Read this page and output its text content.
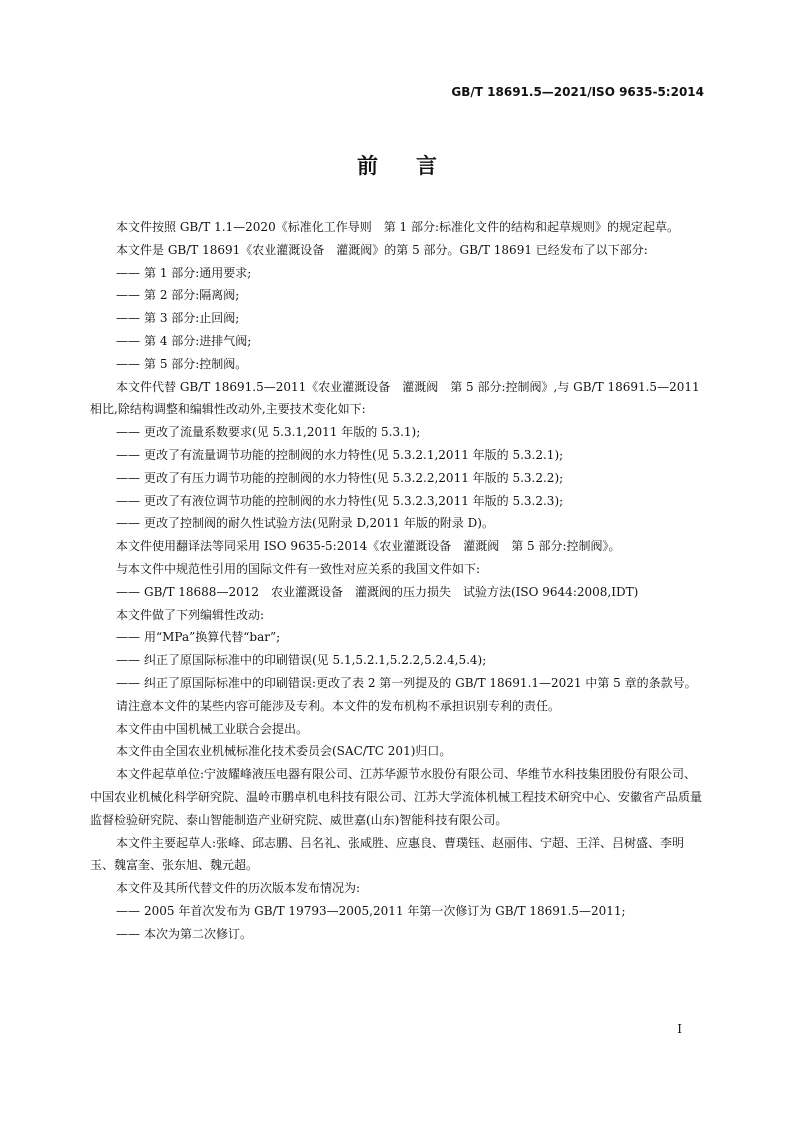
GB/T 18691.5—2021/ISO 9635-5:2014
前言

本文件按照 GB/T 1.1—2020《标准化工作导则　第 1 部分:标准化文件的结构和起草规则》的规定起草。

本文件是 GB/T 18691《农业灌溉设备　灌溉阀》的第 5 部分。GB/T 18691 已经发布了以下部分:

—— 第 1 部分:通用要求;
—— 第 2 部分:隔离阀;
—— 第 3 部分:止回阀;
—— 第 4 部分:进排气阀;
—— 第 5 部分:控制阀。

本文件代替 GB/T 18691.5—2011《农业灌溉设备　灌溉阀　第 5 部分:控制阀》,与 GB/T 18691.5—2011 相比,除结构调整和编辑性改动外,主要技术变化如下:

—— 更改了流量系数要求(见 5.3.1,2011 年版的 5.3.1);
—— 更改了有流量调节功能的控制阀的水力特性(见 5.3.2.1,2011 年版的 5.3.2.1);
—— 更改了有压力调节功能的控制阀的水力特性(见 5.3.2.2,2011 年版的 5.3.2.2);
—— 更改了有液位调节功能的控制阀的水力特性(见 5.3.2.3,2011 年版的 5.3.2.3);
—— 更改了控制阀的耐久性试验方法(见附录 D,2011 年版的附录 D)。

本文件使用翻译法等同采用 ISO 9635-5:2014《农业灌溉设备　灌溉阀　第 5 部分:控制阀》。

与本文件中规范性引用的国际文件有一致性对应关系的我国文件如下:

—— GB/T 18688—2012　农业灌溉设备　灌溉阀的压力损失　试验方法(ISO 9644:2008,IDT)

本文件做了下列编辑性改动:

—— 用“MPa”换算代替“bar”;
—— 纠正了原国际标准中的印刷错误(见 5.1,5.2.1,5.2.2,5.2.4,5.4);
—— 纠正了原国际标准中的印刷错误:更改了表 2 第一列提及的 GB/T 18691.1—2021 中第 5 章的条款号。

请注意本文件的某些内容可能涉及专利。本文件的发布机构不承担识别专利的责任。

本文件由中国机械工业联合会提出。

本文件由全国农业机械标准化技术委员会(SAC/TC 201)归口。

本文件起草单位:宁波耀峰液压电器有限公司、江苏华源节水股份有限公司、华维节水科技集团股份有限公司、中国农业机械化科学研究院、温岭市鹏卓机电科技有限公司、江苏大学流体机械工程技术研究中心、安徽省产品质量监督检验研究院、泰山智能制造产业研究院、威世嘉(山东)智能科技有限公司。

本文件主要起草人:张峰、邱志鹏、吕名礼、张咸胜、应惠良、曹璞钰、赵丽伟、宁超、王洋、吕树盛、李明玉、魏富奎、张东旭、魏元超。

本文件及其所代替文件的历次版本发布情况为:

—— 2005 年首次发布为 GB/T 19793—2005,2011 年第一次修订为 GB/T 18691.5—2011;
—— 本次为第二次修订。
I
